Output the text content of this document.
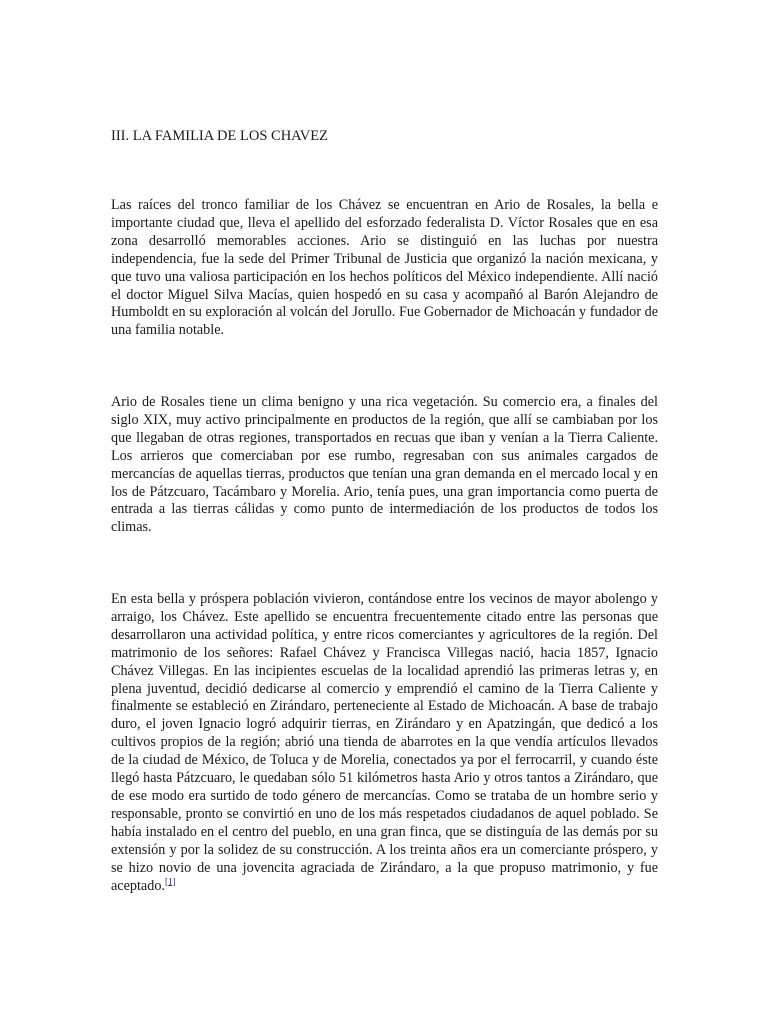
III. LA FAMILIA DE LOS CHAVEZ

Las raíces del tronco familiar de los Chávez se encuentran en Ario de Rosales, la bella e importante ciudad que, lleva el apellido del esforzado federalista D. Víctor Rosales que en esa zona desarrolló memorables acciones. Ario se distinguió en las luchas por nuestra independencia, fue la sede del Primer Tribunal de Justicia que organizó la nación mexicana, y que tuvo una valiosa participación en los hechos políticos del México independiente. Allí nació el doctor Miguel Silva Macías, quien hospedó en su casa y acompañó al Barón Alejandro de Humboldt en su exploración al volcán del Jorullo. Fue Gobernador de Michoacán y fundador de una familia notable.

Ario de Rosales tiene un clima benigno y una rica vegetación. Su comercio era, a finales del siglo XIX, muy activo principalmente en productos de la región, que allí se cambiaban por los que llegaban de otras regiones, transportados en recuas que iban y venían a la Tierra Caliente. Los arrieros que comerciaban por ese rumbo, regresaban con sus animales cargados de mercancías de aquellas tierras, productos que tenían una gran demanda en el mercado local y en los de Pátzcuaro, Tacámbaro y Morelia. Ario, tenía pues, una gran importancia como puerta de entrada a las tierras cálidas y como punto de intermediación de los productos de todos los climas.

En esta bella y próspera población vivieron, contándose entre los vecinos de mayor abolengo y arraigo, los Chávez. Este apellido se encuentra frecuentemente citado entre las personas que desarrollaron una actividad política, y entre ricos comerciantes y agricultores de la región. Del matrimonio de los señores: Rafael Chávez y Francisca Villegas nació, hacia 1857, Ignacio Chávez Villegas. En las incipientes escuelas de la localidad aprendió las primeras letras y, en plena juventud, decidió dedicarse al comercio y emprendió el camino de la Tierra Caliente y finalmente se estableció en Zirándaro, perteneciente al Estado de Michoacán. A base de trabajo duro, el joven Ignacio logró adquirir tierras, en Zirándaro y en Apatzingán, que dedicó a los cultivos propios de la región; abrió una tienda de abarrotes en la que vendía artículos llevados de la ciudad de México, de Toluca y de Morelia, conectados ya por el ferrocarril, y cuando éste llegó hasta Pátzcuaro, le quedaban sólo 51 kilómetros hasta Ario y otros tantos a Zirándaro, que de ese modo era surtido de todo género de mercancías. Como se trataba de un hombre serio y responsable, pronto se convirtió en uno de los más respetados ciudadanos de aquel poblado. Se había instalado en el centro del pueblo, en una gran finca, que se distinguía de las demás por su extensión y por la solidez de su construcción. A los treinta años era un comerciante próspero, y se hizo novio de una jovencita agraciada de Zirándaro, a la que propuso matrimonio, y fue aceptado.[1]
